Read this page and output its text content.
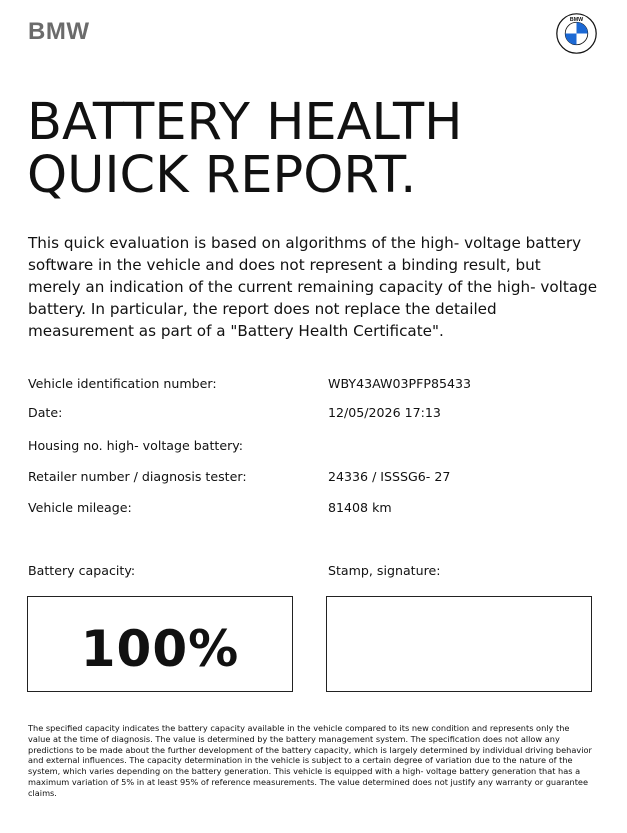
BMW	BMW
BATTERY HEALTH
QUICK REPORT.

This quick evaluation is based on algorithms of the high- voltage battery software in the vehicle and does not represent a binding result, but merely an indication of the current remaining capacity of the high- voltage battery. In particular, the report does not replace the detailed measurement as part of a "Battery Health Certificate".

Vehicle identification number:	WBY43AW03PFP85433
Date:	12/05/2026 17:13
Housing no. high- voltage battery:
Retailer number / diagnosis tester:	24336 / ISSSG6- 27
Vehicle mileage:	81408 km
Battery capacity:	Stamp, signature:
100%

The specified capacity indicates the battery capacity available in the vehicle compared to its new condition and represents only the value at the time of diagnosis. The value is determined by the battery management system. The specification does not allow any predictions to be made about the further development of the battery capacity, which is largely determined by individual driving behavior and external influences. The capacity determination in the vehicle is subject to a certain degree of variation due to the nature of the system, which varies depending on the battery generation. This vehicle is equipped with a high- voltage battery generation that has a maximum variation of 5% in at least 95% of reference measurements. The value determined does not justify any warranty or guarantee claims.
